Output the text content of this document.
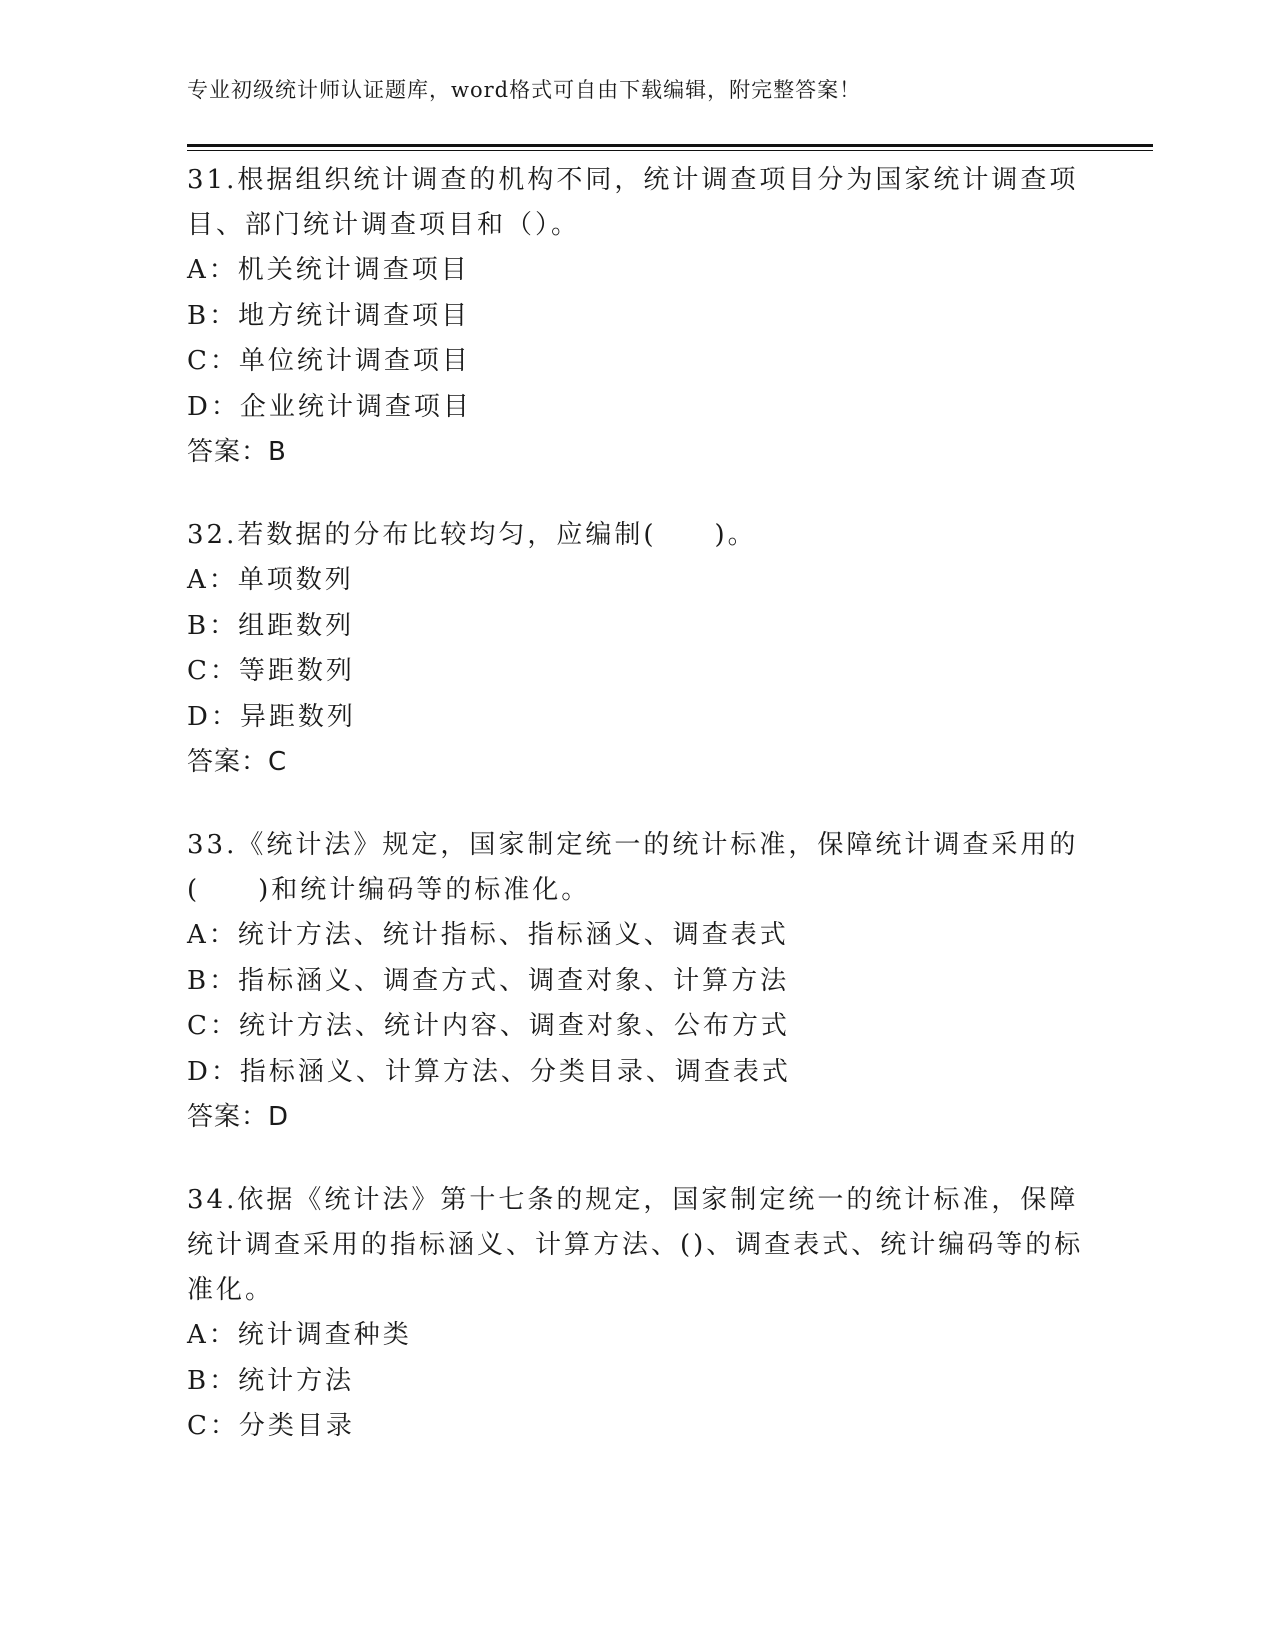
专业初级统计师认证题库，word格式可自由下载编辑，附完整答案！
31.根据组织统计调查的机构不同，统计调查项目分为国家统计调查项目、部门统计调查项目和（）。
A：机关统计调查项目
B：地方统计调查项目
C：单位统计调查项目
D：企业统计调查项目
答案：B
32.若数据的分布比较均匀，应编制(　　)。
A：单项数列
B：组距数列
C：等距数列
D：异距数列
答案：C
33.《统计法》规定，国家制定统一的统计标准，保障统计调查采用的(　　)和统计编码等的标准化。
A：统计方法、统计指标、指标涵义、调查表式
B：指标涵义、调查方式、调查对象、计算方法
C：统计方法、统计内容、调查对象、公布方式
D：指标涵义、计算方法、分类目录、调查表式
答案：D
34.依据《统计法》第十七条的规定，国家制定统一的统计标准，保障统计调查采用的指标涵义、计算方法、()、调查表式、统计编码等的标准化。
A：统计调查种类
B：统计方法
C：分类目录
